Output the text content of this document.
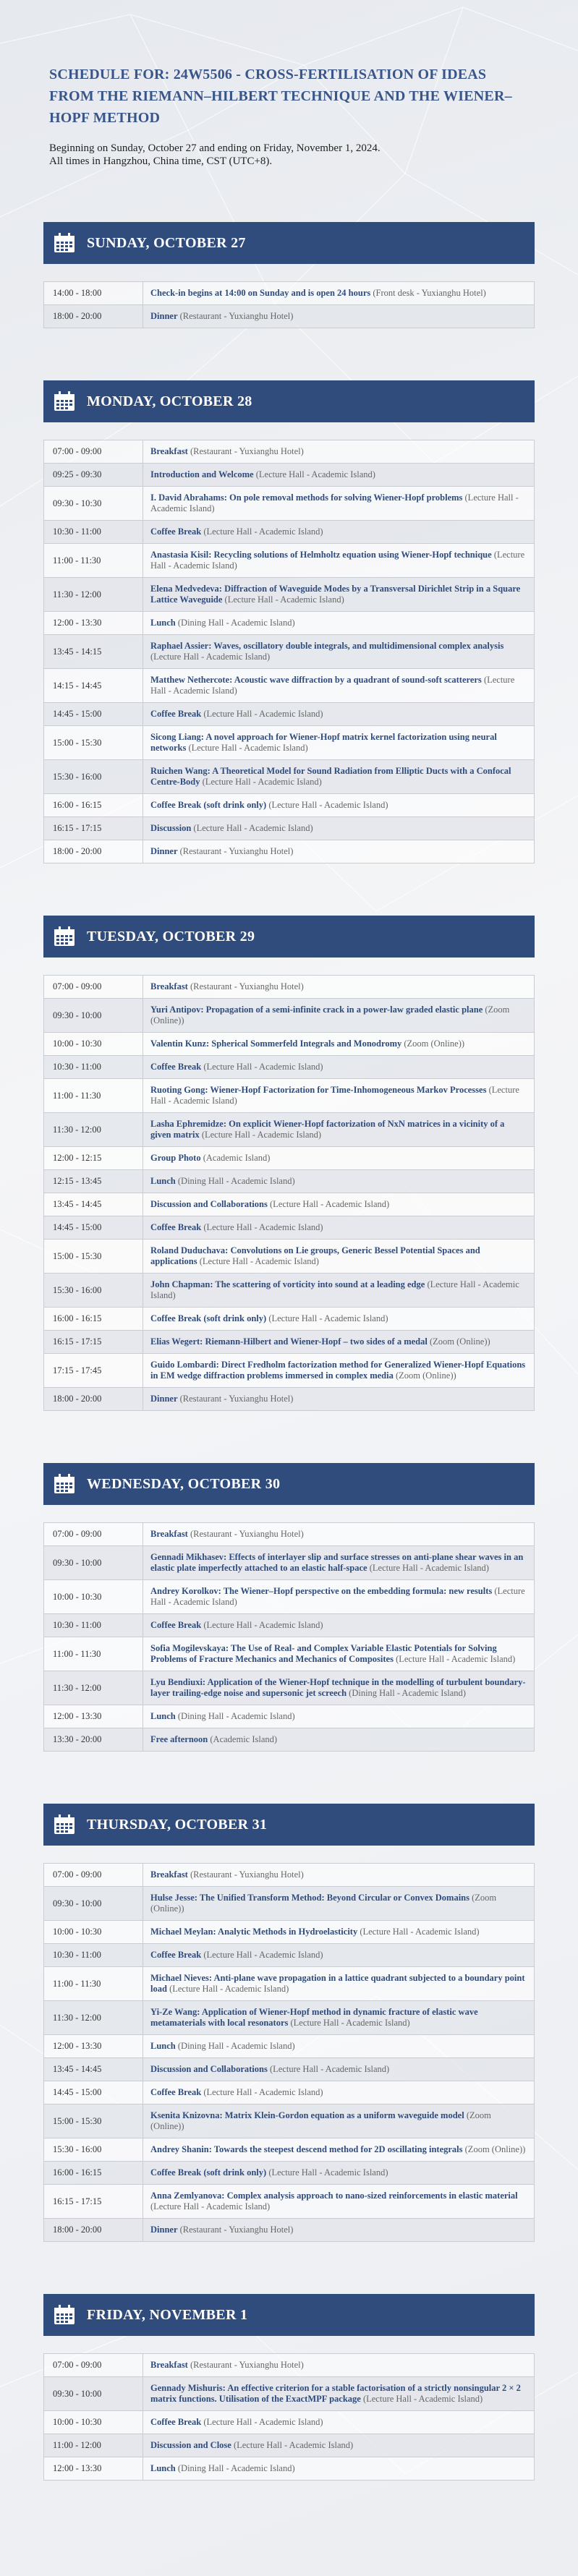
SCHEDULE FOR: 24W5506 - CROSS-FERTILISATION OF IDEAS FROM THE RIEMANN–HILBERT TECHNIQUE AND THE WIENER–HOPF METHOD
Beginning on Sunday, October 27 and ending on Friday, November 1, 2024.
All times in Hangzhou, China time, CST (UTC+8).
SUNDAY, OCTOBER 27
14:00 - 18:00	Check-in begins at 14:00 on Sunday and is open 24 hours (Front desk - Yuxianghu Hotel)
18:00 - 20:00	Dinner (Restaurant - Yuxianghu Hotel)
MONDAY, OCTOBER 28
07:00 - 09:00	Breakfast (Restaurant - Yuxianghu Hotel)
09:25 - 09:30	Introduction and Welcome (Lecture Hall - Academic Island)
09:30 - 10:30	I. David Abrahams: On pole removal methods for solving Wiener-Hopf problems (Lecture Hall - Academic Island)
10:30 - 11:00	Coffee Break (Lecture Hall - Academic Island)
11:00 - 11:30	Anastasia Kisil: Recycling solutions of Helmholtz equation using Wiener-Hopf technique (Lecture Hall - Academic Island)
11:30 - 12:00	Elena Medvedeva: Diffraction of Waveguide Modes by a Transversal Dirichlet Strip in a Square Lattice Waveguide (Lecture Hall - Academic Island)
12:00 - 13:30	Lunch (Dining Hall - Academic Island)
13:45 - 14:15	Raphael Assier: Waves, oscillatory double integrals, and multidimensional complex analysis (Lecture Hall - Academic Island)
14:15 - 14:45	Matthew Nethercote: Acoustic wave diffraction by a quadrant of sound-soft scatterers (Lecture Hall - Academic Island)
14:45 - 15:00	Coffee Break (Lecture Hall - Academic Island)
15:00 - 15:30	Sicong Liang: A novel approach for Wiener-Hopf matrix kernel factorization using neural networks (Lecture Hall - Academic Island)
15:30 - 16:00	Ruichen Wang: A Theoretical Model for Sound Radiation from Elliptic Ducts with a Confocal Centre-Body (Lecture Hall - Academic Island)
16:00 - 16:15	Coffee Break (soft drink only) (Lecture Hall - Academic Island)
16:15 - 17:15	Discussion (Lecture Hall - Academic Island)
18:00 - 20:00	Dinner (Restaurant - Yuxianghu Hotel)
TUESDAY, OCTOBER 29
07:00 - 09:00	Breakfast (Restaurant - Yuxianghu Hotel)
09:30 - 10:00	Yuri Antipov: Propagation of a semi-infinite crack in a power-law graded elastic plane (Zoom (Online))
10:00 - 10:30	Valentin Kunz: Spherical Sommerfeld Integrals and Monodromy (Zoom (Online))
10:30 - 11:00	Coffee Break (Lecture Hall - Academic Island)
11:00 - 11:30	Ruoting Gong: Wiener-Hopf Factorization for Time-Inhomogeneous Markov Processes (Lecture Hall - Academic Island)
11:30 - 12:00	Lasha Ephremidze: On explicit Wiener-Hopf factorization of NxN matrices in a vicinity of a given matrix (Lecture Hall - Academic Island)
12:00 - 12:15	Group Photo (Academic Island)
12:15 - 13:45	Lunch (Dining Hall - Academic Island)
13:45 - 14:45	Discussion and Collaborations (Lecture Hall - Academic Island)
14:45 - 15:00	Coffee Break (Lecture Hall - Academic Island)
15:00 - 15:30	Roland Duduchava: Convolutions on Lie groups, Generic Bessel Potential Spaces and applications (Lecture Hall - Academic Island)
15:30 - 16:00	John Chapman: The scattering of vorticity into sound at a leading edge (Lecture Hall - Academic Island)
16:00 - 16:15	Coffee Break (soft drink only) (Lecture Hall - Academic Island)
16:15 - 17:15	Elias Wegert: Riemann-Hilbert and Wiener-Hopf – two sides of a medal (Zoom (Online))
17:15 - 17:45	Guido Lombardi: Direct Fredholm factorization method for Generalized Wiener-Hopf Equations in EM wedge diffraction problems immersed in complex media (Zoom (Online))
18:00 - 20:00	Dinner (Restaurant - Yuxianghu Hotel)
WEDNESDAY, OCTOBER 30
07:00 - 09:00	Breakfast (Restaurant - Yuxianghu Hotel)
09:30 - 10:00	Gennadi Mikhasev: Effects of interlayer slip and surface stresses on anti-plane shear waves in an elastic plate imperfectly attached to an elastic half-space (Lecture Hall - Academic Island)
10:00 - 10:30	Andrey Korolkov: The Wiener–Hopf perspective on the embedding formula: new results (Lecture Hall - Academic Island)
10:30 - 11:00	Coffee Break (Lecture Hall - Academic Island)
11:00 - 11:30	Sofia Mogilevskaya: The Use of Real- and Complex Variable Elastic Potentials for Solving Problems of Fracture Mechanics and Mechanics of Composites (Lecture Hall - Academic Island)
11:30 - 12:00	Lyu Bendiuxi: Application of the Wiener-Hopf technique in the modelling of turbulent boundary-layer trailing-edge noise and supersonic jet screech (Dining Hall - Academic Island)
12:00 - 13:30	Lunch (Dining Hall - Academic Island)
13:30 - 20:00	Free afternoon (Academic Island)
THURSDAY, OCTOBER 31
07:00 - 09:00	Breakfast (Restaurant - Yuxianghu Hotel)
09:30 - 10:00	Hulse Jesse: The Unified Transform Method: Beyond Circular or Convex Domains (Zoom (Online))
10:00 - 10:30	Michael Meylan: Analytic Methods in Hydroelasticity (Lecture Hall - Academic Island)
10:30 - 11:00	Coffee Break (Lecture Hall - Academic Island)
11:00 - 11:30	Michael Nieves: Anti-plane wave propagation in a lattice quadrant subjected to a boundary point load (Lecture Hall - Academic Island)
11:30 - 12:00	Yi-Ze Wang: Application of Wiener-Hopf method in dynamic fracture of elastic wave metamaterials with local resonators (Lecture Hall - Academic Island)
12:00 - 13:30	Lunch (Dining Hall - Academic Island)
13:45 - 14:45	Discussion and Collaborations (Lecture Hall - Academic Island)
14:45 - 15:00	Coffee Break (Lecture Hall - Academic Island)
15:00 - 15:30	Ksenita Knizovna: Matrix Klein-Gordon equation as a uniform waveguide model (Zoom (Online))
15:30 - 16:00	Andrey Shanin: Towards the steepest descend method for 2D oscillating integrals (Zoom (Online))
16:00 - 16:15	Coffee Break (soft drink only) (Lecture Hall - Academic Island)
16:15 - 17:15	Anna Zemlyanova: Complex analysis approach to nano-sized reinforcements in elastic material (Lecture Hall - Academic Island)
18:00 - 20:00	Dinner (Restaurant - Yuxianghu Hotel)
FRIDAY, NOVEMBER 1
07:00 - 09:00	Breakfast (Restaurant - Yuxianghu Hotel)
09:30 - 10:00	Gennady Mishuris: An effective criterion for a stable factorisation of a strictly nonsingular 2 × 2 matrix functions. Utilisation of the ExactMPF package (Lecture Hall - Academic Island)
10:00 - 10:30	Coffee Break (Lecture Hall - Academic Island)
11:00 - 12:00	Discussion and Close (Lecture Hall - Academic Island)
12:00 - 13:30	Lunch (Dining Hall - Academic Island)
